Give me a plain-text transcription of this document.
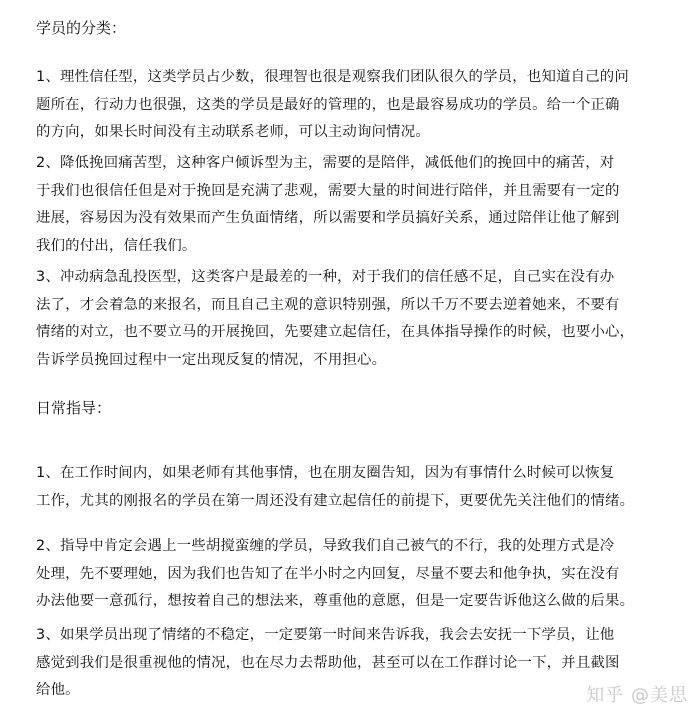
学员的分类：
1、理性信任型，这类学员占少数，很理智也很是观察我们团队很久的学员，也知道自己的问
题所在，行动力也很强，这类的学员是最好的管理的，也是最容易成功的学员。给一个正确
的方向，如果长时间没有主动联系老师，可以主动询问情况。
2、降低挽回痛苦型，这种客户倾诉型为主，需要的是陪伴，减低他们的挽回中的痛苦，对
于我们也很信任但是对于挽回是充满了悲观，需要大量的时间进行陪伴，并且需要有一定的
进展，容易因为没有效果而产生负面情绪，所以需要和学员搞好关系，通过陪伴让他了解到
我们的付出，信任我们。
3、冲动病急乱投医型，这类客户是最差的一种，对于我们的信任感不足，自己实在没有办
法了，才会着急的来报名，而且自己主观的意识特别强，所以千万不要去逆着她来，不要有
情绪的对立，也不要立马的开展挽回，先要建立起信任，在具体指导操作的时候，也要小心，
告诉学员挽回过程中一定出现反复的情况，不用担心。
日常指导：
1、在工作时间内，如果老师有其他事情，也在朋友圈告知，因为有事情什么时候可以恢复
工作，尤其的刚报名的学员在第一周还没有建立起信任的前提下，更要优先关注他们的情绪。
2、指导中肯定会遇上一些胡搅蛮缠的学员，导致我们自己被气的不行，我的处理方式是冷
处理，先不要理她，因为我们也告知了在半小时之内回复，尽量不要去和他争执，实在没有
办法他要一意孤行，想按着自己的想法来，尊重他的意愿，但是一定要告诉他这么做的后果。
3、如果学员出现了情绪的不稳定，一定要第一时间来告诉我，我会去安抚一下学员，让他
感觉到我们是很重视他的情况，也在尽力去帮助他，甚至可以在工作群讨论一下，并且截图
给他。	知乎 @美思
